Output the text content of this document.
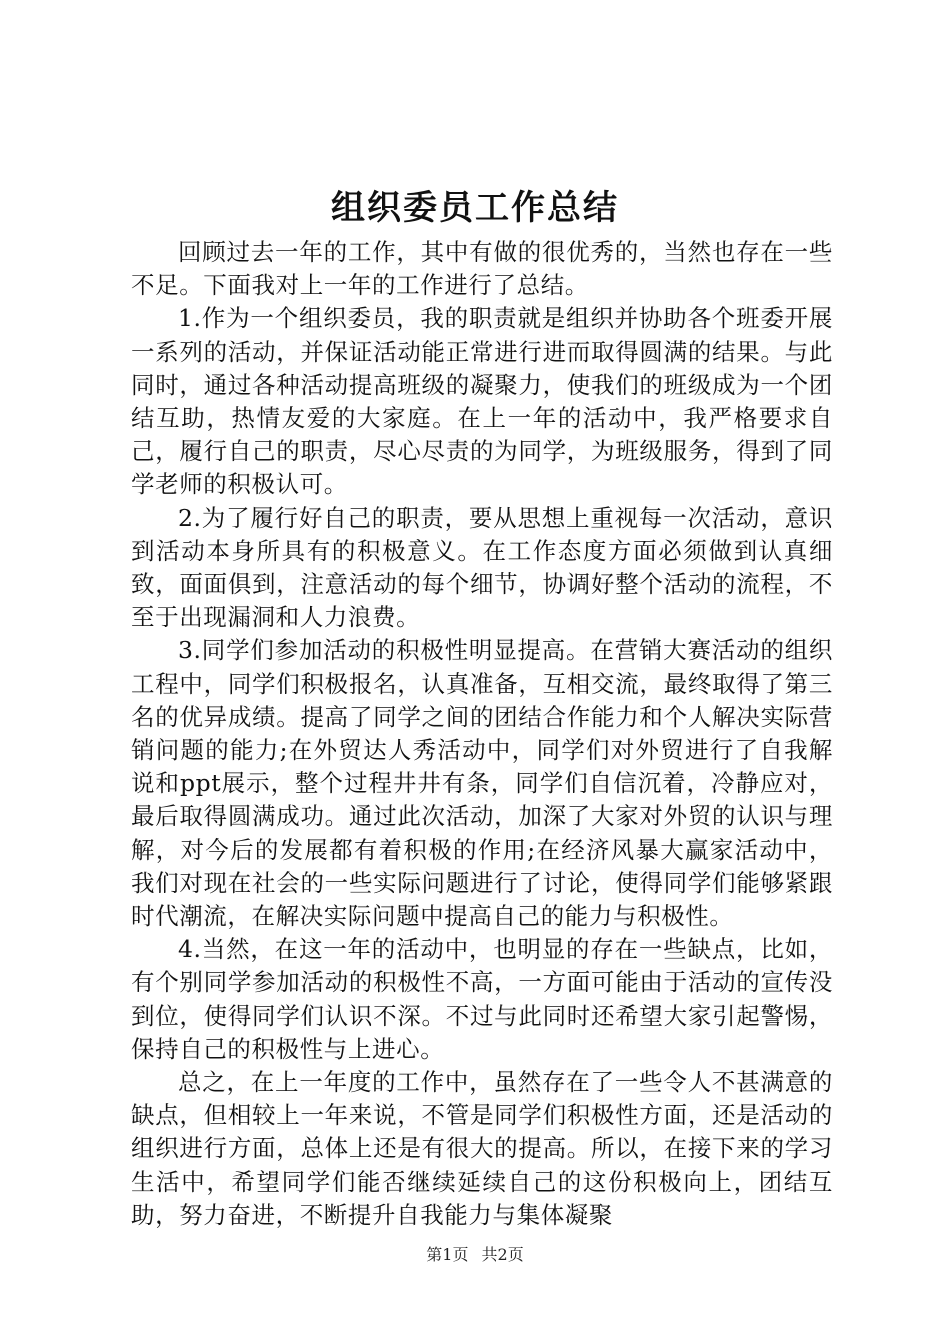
组织委员工作总结

回顾过去一年的工作，其中有做的很优秀的，当然也存在一些不足。下面我对上一年的工作进行了总结。

1.作为一个组织委员，我的职责就是组织并协助各个班委开展一系列的活动，并保证活动能正常进行进而取得圆满的结果。与此同时，通过各种活动提高班级的凝聚力，使我们的班级成为一个团结互助，热情友爱的大家庭。在上一年的活动中，我严格要求自己，履行自己的职责，尽心尽责的为同学，为班级服务，得到了同学老师的积极认可。

2.为了履行好自己的职责，要从思想上重视每一次活动，意识到活动本身所具有的积极意义。在工作态度方面必须做到认真细致，面面俱到，注意活动的每个细节，协调好整个活动的流程，不至于出现漏洞和人力浪费。

3.同学们参加活动的积极性明显提高。在营销大赛活动的组织工程中，同学们积极报名，认真准备，互相交流，最终取得了第三名的优异成绩。提高了同学之间的团结合作能力和个人解决实际营销问题的能力;在外贸达人秀活动中，同学们对外贸进行了自我解说和ppt展示，整个过程井井有条，同学们自信沉着，冷静应对，最后取得圆满成功。通过此次活动，加深了大家对外贸的认识与理解，对今后的发展都有着积极的作用;在经济风暴大赢家活动中，我们对现在社会的一些实际问题进行了讨论，使得同学们能够紧跟时代潮流，在解决实际问题中提高自己的能力与积极性。

4.当然，在这一年的活动中，也明显的存在一些缺点，比如，有个别同学参加活动的积极性不高，一方面可能由于活动的宣传没到位，使得同学们认识不深。不过与此同时还希望大家引起警惕，保持自己的积极性与上进心。

总之，在上一年度的工作中，虽然存在了一些令人不甚满意的缺点，但相较上一年来说，不管是同学们积极性方面，还是活动的组织进行方面，总体上还是有很大的提高。所以，在接下来的学习生活中，希望同学们能否继续延续自己的这份积极向上，团结互助，努力奋进，不断提升自我能力与集体凝聚

第1页 共2页
